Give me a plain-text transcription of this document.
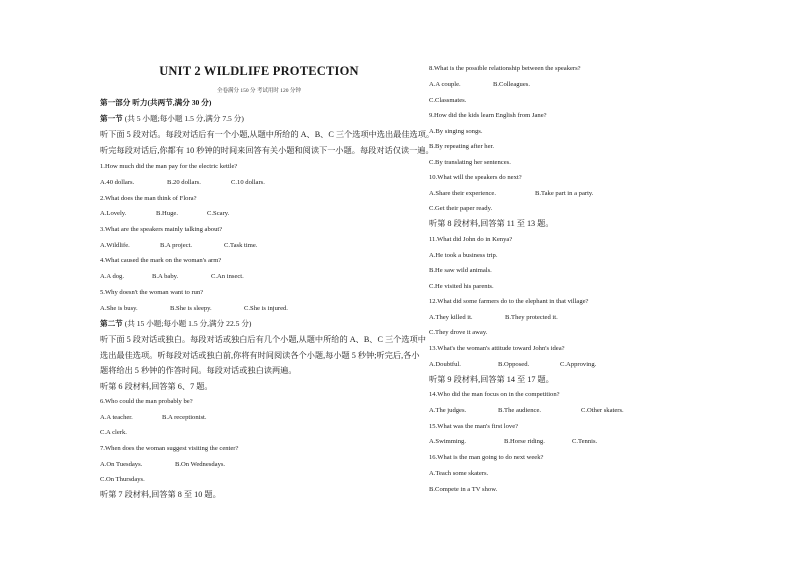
UNIT 2 WILDLIFE PROTECTION
全卷满分 150 分 考试用时 120 分钟
第一部分 听力(共两节,满分 30 分)
第一节 (共 5 小题;每小题 1.5 分,满分 7.5 分)
听下面 5 段对话。每段对话后有一个小题,从题中所给的 A、B、C 三个选项中选出最佳选项。
听完每段对话后,你都有 10 秒钟的时间来回答有关小题和阅读下一小题。每段对话仅读一遍。
1.How much did the man pay for the electric kettle?
A.40 dollars.	B.20 dollars.	C.10 dollars.
2.What does the man think of Flora?
A.Lovely.	B.Huge.	C.Scary.
3.What are the speakers mainly talking about?
A.Wildlife.	B.A project.	C.Task time.
4.What caused the mark on the woman's arm?
A.A dog.	B.A baby.	C.An insect.
5.Why doesn't the woman want to run?
A.She is busy.	B.She is sleepy.	C.She is injured.
第二节 (共 15 小题;每小题 1.5 分,满分 22.5 分)
听下面 5 段对话或独白。每段对话或独白后有几个小题,从题中所给的 A、B、C 三个选项中
选出最佳选项。听每段对话或独白前,你将有时间阅读各个小题,每小题 5 秒钟;听完后,各小
题将给出 5 秒钟的作答时间。每段对话或独白读两遍。
听第 6 段材料,回答第 6、7 题。
6.Who could the man probably be?
A.A teacher.	B.A receptionist.
C.A clerk.
7.When does the woman suggest visiting the center?
A.On Tuesdays.	B.On Wednesdays.
C.On Thursdays.
听第 7 段材料,回答第 8 至 10 题。
8.What is the possible relationship between the speakers?
A.A couple.	B.Colleagues.
C.Classmates.
9.How did the kids learn English from Jane?
A.By singing songs.
B.By repeating after her.
C.By translating her sentences.
10.What will the speakers do next?
A.Share their experience.	B.Take part in a party.
C.Get their paper ready.
听第 8 段材料,回答第 11 至 13 题。
11.What did John do in Kenya?
A.He took a business trip.
B.He saw wild animals.
C.He visited his parents.
12.What did some farmers do to the elephant in that village?
A.They killed it.	B.They protected it.
C.They drove it away.
13.What's the woman's attitude toward John's idea?
A.Doubtful.	B.Opposed.	C.Approving.
听第 9 段材料,回答第 14 至 17 题。
14.Who did the man focus on in the competition?
A.The judges.	B.The audience.	C.Other skaters.
15.What was the man's first love?
A.Swimming.	B.Horse riding.	C.Tennis.
16.What is the man going to do next week?
A.Teach some skaters.
B.Compete in a TV show.
